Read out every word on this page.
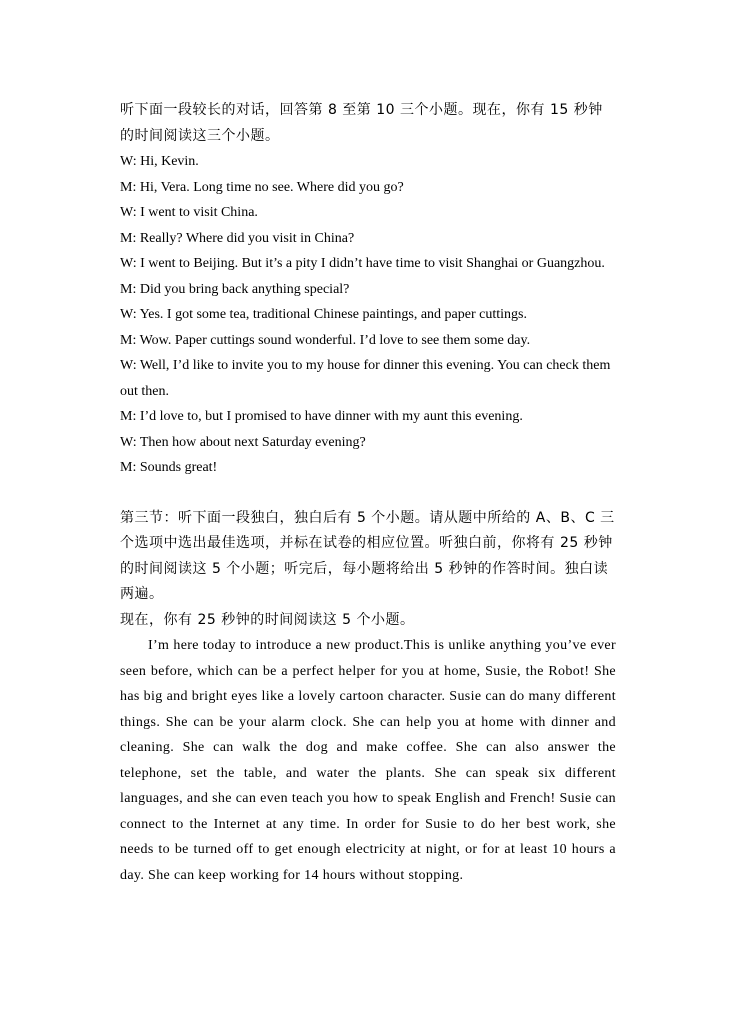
听下面一段较长的对话，回答第 8 至第 10 三个小题。现在，你有 15 秒钟的时间阅读这三个小题。

W: Hi, Kevin.

M: Hi, Vera. Long time no see. Where did you go?

W: I went to visit China.

M: Really? Where did you visit in China?

W: I went to Beijing. But it’s a pity I didn’t have time to visit Shanghai or Guangzhou.

M: Did you bring back anything special?

W: Yes. I got some tea, traditional Chinese paintings, and paper cuttings.

M: Wow. Paper cuttings sound wonderful. I’d love to see them some day.

W: Well, I’d like to invite you to my house for dinner this evening. You can check them out then.

M: I’d love to, but I promised to have dinner with my aunt this evening.

W: Then how about next Saturday evening?

M: Sounds great!

第三节：听下面一段独白，独白后有 5 个小题。请从题中所给的 A、B、C 三个选项中选出最佳选项，并标在试卷的相应位置。听独白前，你将有 25 秒钟的时间阅读这 5 个小题；听完后，每小题将给出 5 秒钟的作答时间。独白读两遍。

现在，你有 25 秒钟的时间阅读这 5 个小题。

I’m here today to introduce a new product.This is unlike anything you’ve ever seen before, which can be a perfect helper for you at home, Susie, the Robot! She has big and bright eyes like a lovely cartoon character. Susie can do many different things. She can be your alarm clock. She can help you at home with dinner and cleaning. She can walk the dog and make coffee. She can also answer the telephone, set the table, and water the plants. She can speak six different languages, and she can even teach you how to speak English and French! Susie can connect to the Internet at any time. In order for Susie to do her best work, she needs to be turned off to get enough electricity at night, or for at least 10 hours a day. She can keep working for 14 hours without stopping.
